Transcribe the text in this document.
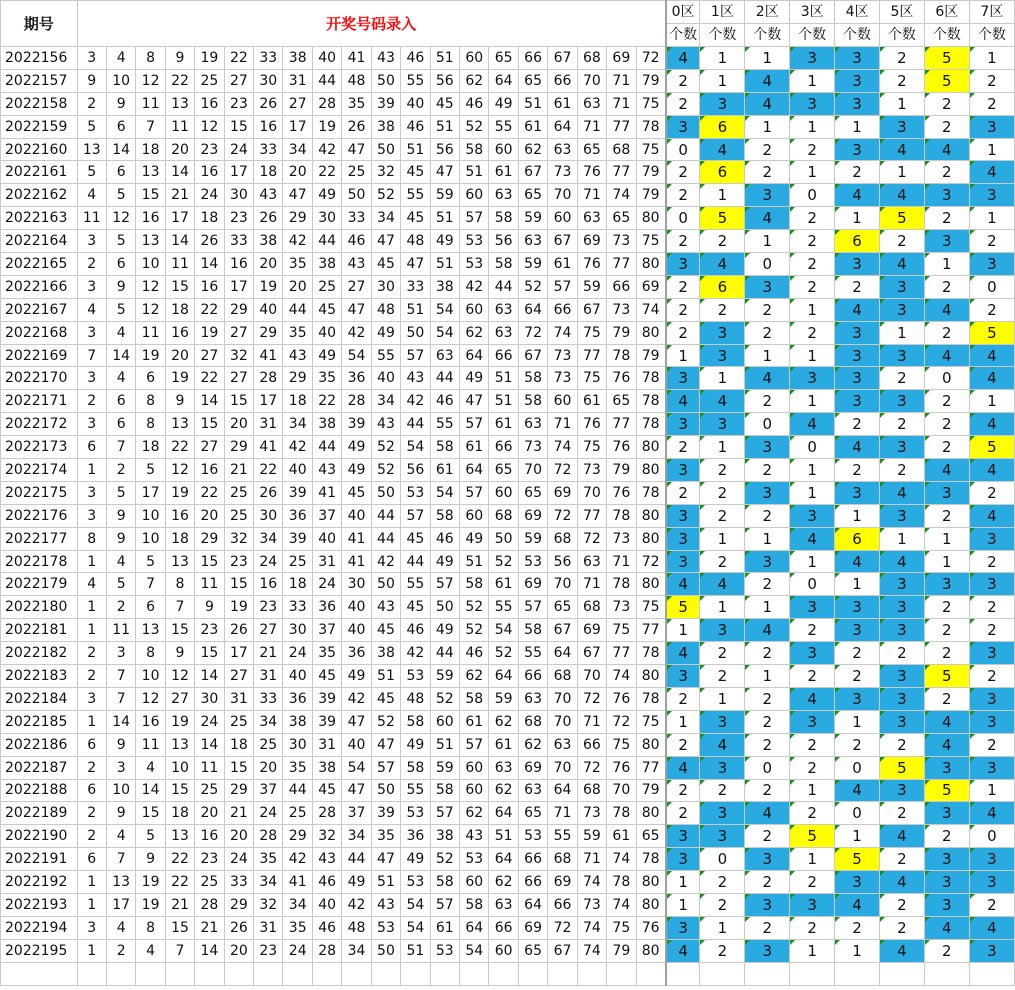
期号	开奖号码录入																				0区	1区	2区	3区	4区	5区	6区	7区
																					个数	个数	个数	个数	个数	个数	个数	个数
2022156	3	4	8	9	19	22	33	38	40	41	43	46	51	60	65	66	67	68	69	72	4	1	1	3	3	2	5	1
2022157	9	10	12	22	25	27	30	31	44	48	50	55	56	62	64	65	66	70	71	79	2	1	4	1	3	2	5	2
2022158	2	9	11	13	16	23	26	27	28	35	39	40	45	46	49	51	61	63	71	75	2	3	4	3	3	1	2	2
2022159	5	6	7	11	12	15	16	17	19	26	38	46	51	52	55	61	64	71	77	78	3	6	1	1	1	3	2	3
2022160	13	14	18	20	23	24	33	34	42	47	50	51	56	58	60	62	63	65	68	75	0	4	2	2	3	4	4	1
2022161	5	6	13	14	16	17	18	20	22	25	32	45	47	51	61	67	73	76	77	79	2	6	2	1	2	1	2	4
2022162	4	5	15	21	24	30	43	47	49	50	52	55	59	60	63	65	70	71	74	79	2	1	3	0	4	4	3	3
2022163	11	12	16	17	18	23	26	29	30	33	34	45	51	57	58	59	60	63	65	80	0	5	4	2	1	5	2	1
2022164	3	5	13	14	26	33	38	42	44	46	47	48	49	53	56	63	67	69	73	75	2	2	1	2	6	2	3	2
2022165	2	6	10	11	14	16	20	35	38	43	45	47	51	53	58	59	61	76	77	80	3	4	0	2	3	4	1	3
2022166	3	9	12	15	16	17	19	20	25	27	30	33	38	42	44	52	57	59	66	69	2	6	3	2	2	3	2	0
2022167	4	5	12	18	22	29	40	44	45	47	48	51	54	60	63	64	66	67	73	74	2	2	2	1	4	3	4	2
2022168	3	4	11	16	19	27	29	35	40	42	49	50	54	62	63	72	74	75	79	80	2	3	2	2	3	1	2	5
2022169	7	14	19	20	27	32	41	43	49	54	55	57	63	64	66	67	73	77	78	79	1	3	1	1	3	3	4	4
2022170	3	4	6	19	22	27	28	29	35	36	40	43	44	49	51	58	73	75	76	78	3	1	4	3	3	2	0	4
2022171	2	6	8	9	14	15	17	18	22	28	34	42	46	47	51	58	60	61	65	78	4	4	2	1	3	3	2	1
2022172	3	6	8	13	15	20	31	34	38	39	43	44	55	57	61	63	71	76	77	78	3	3	0	4	2	2	2	4
2022173	6	7	18	22	27	29	41	42	44	49	52	54	58	61	66	73	74	75	76	80	2	1	3	0	4	3	2	5
2022174	1	2	5	12	16	21	22	40	43	49	52	56	61	64	65	70	72	73	79	80	3	2	2	1	2	2	4	4
2022175	3	5	17	19	22	25	26	39	41	45	50	53	54	57	60	65	69	70	76	78	2	2	3	1	3	4	3	2
2022176	3	9	10	16	20	25	30	36	37	40	44	57	58	60	68	69	72	77	78	80	3	2	2	3	1	3	2	4
2022177	8	9	10	18	29	32	34	39	40	41	44	45	46	49	50	59	68	72	73	80	3	1	1	4	6	1	1	3
2022178	1	4	5	13	15	23	24	25	31	41	42	44	49	51	52	53	56	63	71	72	3	2	3	1	4	4	1	2
2022179	4	5	7	8	11	15	16	18	24	30	50	55	57	58	61	69	70	71	78	80	4	4	2	0	1	3	3	3
2022180	1	2	6	7	9	19	23	33	36	40	43	45	50	52	55	57	65	68	73	75	5	1	1	3	3	3	2	2
2022181	1	11	13	15	23	26	27	30	37	40	45	46	49	52	54	58	67	69	75	77	1	3	4	2	3	3	2	2
2022182	2	3	8	9	15	17	21	24	35	36	38	42	44	46	52	55	64	67	77	78	4	2	2	3	2	2	2	3
2022183	2	7	10	12	14	27	31	40	45	49	51	53	59	62	64	66	68	70	74	80	3	2	1	2	2	3	5	2
2022184	3	7	12	27	30	31	33	36	39	42	45	48	52	58	59	63	70	72	76	78	2	1	2	4	3	3	2	3
2022185	1	14	16	19	24	25	34	38	39	47	52	58	60	61	62	68	70	71	72	75	1	3	2	3	1	3	4	3
2022186	6	9	11	13	14	18	25	30	31	40	47	49	51	57	61	62	63	66	75	80	2	4	2	2	2	2	4	2
2022187	2	3	4	10	11	15	20	35	38	54	57	58	59	60	63	69	70	72	76	77	4	3	0	2	0	5	3	3
2022188	6	10	14	15	25	29	37	44	45	47	50	55	58	60	62	63	64	68	70	79	2	2	2	1	4	3	5	1
2022189	2	9	15	18	20	21	24	25	28	37	39	53	57	62	64	65	71	73	78	80	2	3	4	2	0	2	3	4
2022190	2	4	5	13	16	20	28	29	32	34	35	36	38	43	51	53	55	59	61	65	3	3	2	5	1	4	2	0
2022191	6	7	9	22	23	24	35	42	43	44	47	49	52	53	64	66	68	71	74	78	3	0	3	1	5	2	3	3
2022192	1	13	19	22	25	33	34	41	46	49	51	53	58	60	62	66	69	74	78	80	1	2	2	2	3	4	3	3
2022193	1	17	19	21	28	29	32	34	40	42	43	54	57	58	63	64	66	73	74	80	1	2	3	3	4	2	3	2
2022194	3	4	8	15	21	26	31	35	46	48	53	54	61	64	66	69	72	74	75	76	3	1	2	2	2	2	4	4
2022195	1	2	4	7	14	20	23	24	28	34	50	51	53	54	60	65	67	74	79	80	4	2	3	1	1	4	2	3
